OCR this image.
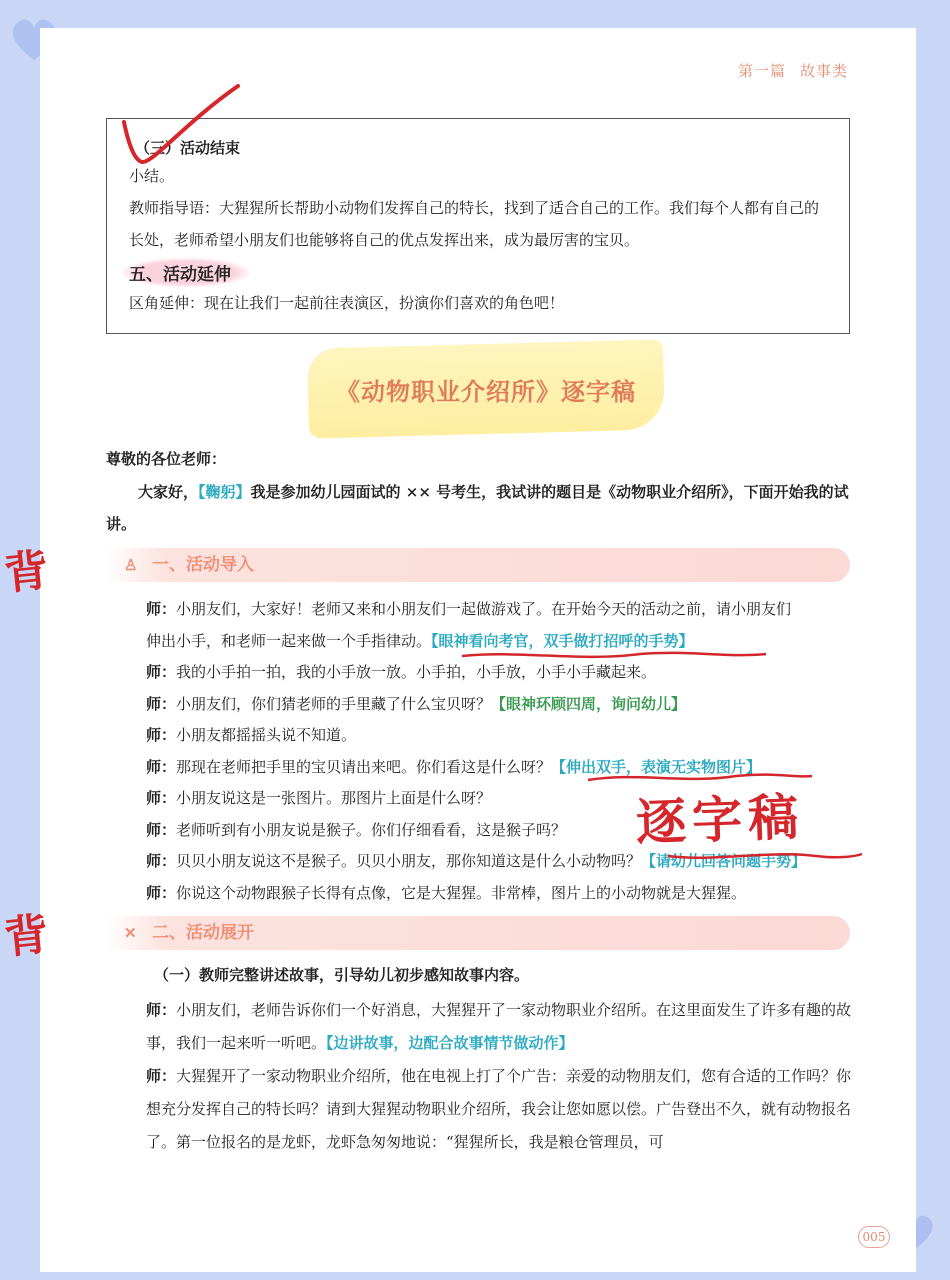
第一篇 故事类
（三）活动结束

小结。

教师指导语：大猩猩所长帮助小动物们发挥自己的特长，找到了适合自己的工作。我们每个人都有自己的长处，老师希望小朋友们也能够将自己的优点发挥出来，成为最厉害的宝贝。

五、活动延伸

区角延伸：现在让我们一起前往表演区，扮演你们喜欢的角色吧！

《动物职业介绍所》逐字稿
尊敬的各位老师：
大家好，【鞠躬】我是参加幼儿园面试的 ×× 号考生，我试讲的题目是《动物职业介绍所》，下面开始我的试讲。
♙ 一、活动导入
师：小朋友们，大家好！老师又来和小朋友们一起做游戏了。在开始今天的活动之前，请小朋友们
伸出小手，和老师一起来做一个手指律动。【眼神看向考官，双手做打招呼的手势】
师：我的小手拍一拍，我的小手放一放。小手拍，小手放，小手小手藏起来。
师：小朋友们，你们猜老师的手里藏了什么宝贝呀？【眼神环顾四周，询问幼儿】
师：小朋友都摇摇头说不知道。
师：那现在老师把手里的宝贝请出来吧。你们看这是什么呀？【伸出双手，表演无实物图片】
师：小朋友说这是一张图片。那图片上面是什么呀？
师：老师听到有小朋友说是猴子。你们仔细看看，这是猴子吗？
师：贝贝小朋友说这不是猴子。贝贝小朋友，那你知道这是什么小动物吗？【请幼儿回答问题手势】
师：你说这个动物跟猴子长得有点像，它是大猩猩。非常棒，图片上的小动物就是大猩猩。
✕ 二、活动展开
（一）教师完整讲述故事，引导幼儿初步感知故事内容。
师：小朋友们，老师告诉你们一个好消息，大猩猩开了一家动物职业介绍所。在这里面发生了许多有趣的故事，我们一起来听一听吧。【边讲故事，边配合故事情节做动作】
师：大猩猩开了一家动物职业介绍所，他在电视上打了个广告：亲爱的动物朋友们，您有合适的工作吗？你想充分发挥自己的特长吗？请到大猩猩动物职业介绍所，我会让您如愿以偿。广告登出不久，就有动物报名了。第一位报名的是龙虾，龙虾急匆匆地说：“猩猩所长，我是粮仓管理员，可
005
背
背
逐字稿
